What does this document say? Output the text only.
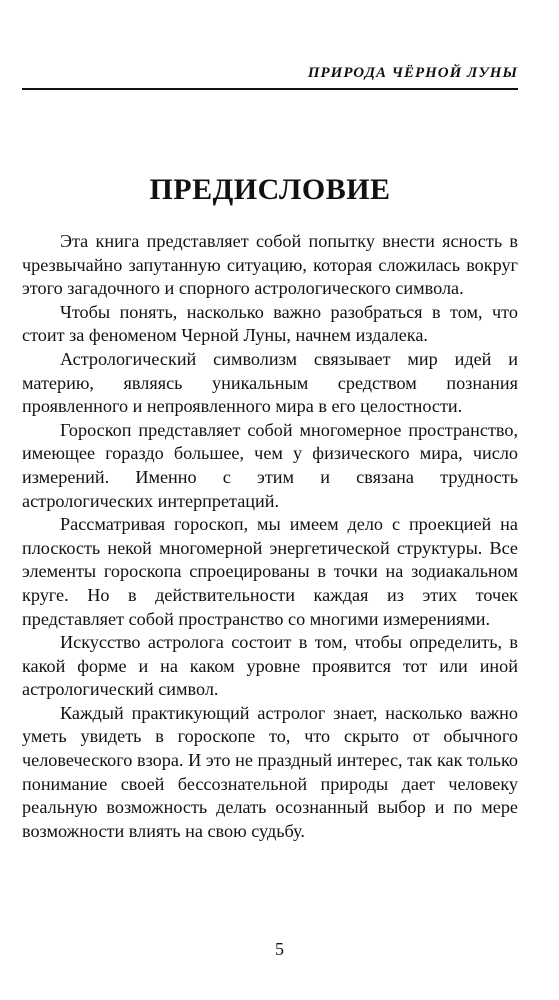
ПРИРОДА ЧЁРНОЙ ЛУНЫ
ПРЕДИСЛОВИЕ

Эта книга представляет собой попытку внести ясность в чрезвычайно запутанную ситуацию, которая сложилась вокруг этого загадочного и спорного астрологического символа.

Чтобы понять, насколько важно разобраться в том, что стоит за феноменом Черной Луны, начнем издалека.

Астрологический символизм связывает мир идей и материю, являясь уникальным средством познания проявленного и непроявленного мира в его целостности.

Гороскоп представляет собой многомерное пространство, имеющее гораздо большее, чем у физического мира, число измерений. Именно с этим и связана трудность астрологических интерпретаций.

Рассматривая гороскоп, мы имеем дело с проекцией на плоскость некой многомерной энергетической структуры. Все элементы гороскопа спроецированы в точки на зодиакальном круге. Но в действительности каждая из этих точек представляет собой пространство со многими измерениями.

Искусство астролога состоит в том, чтобы определить, в какой форме и на каком уровне проявится тот или иной астрологический символ.

Каждый практикующий астролог знает, насколько важно уметь увидеть в гороскопе то, что скрыто от обычного человеческого взора. И это не праздный интерес, так как только понимание своей бессознательной природы дает человеку реальную возможность делать осознанный выбор и по мере возможности влиять на свою судьбу.

5
